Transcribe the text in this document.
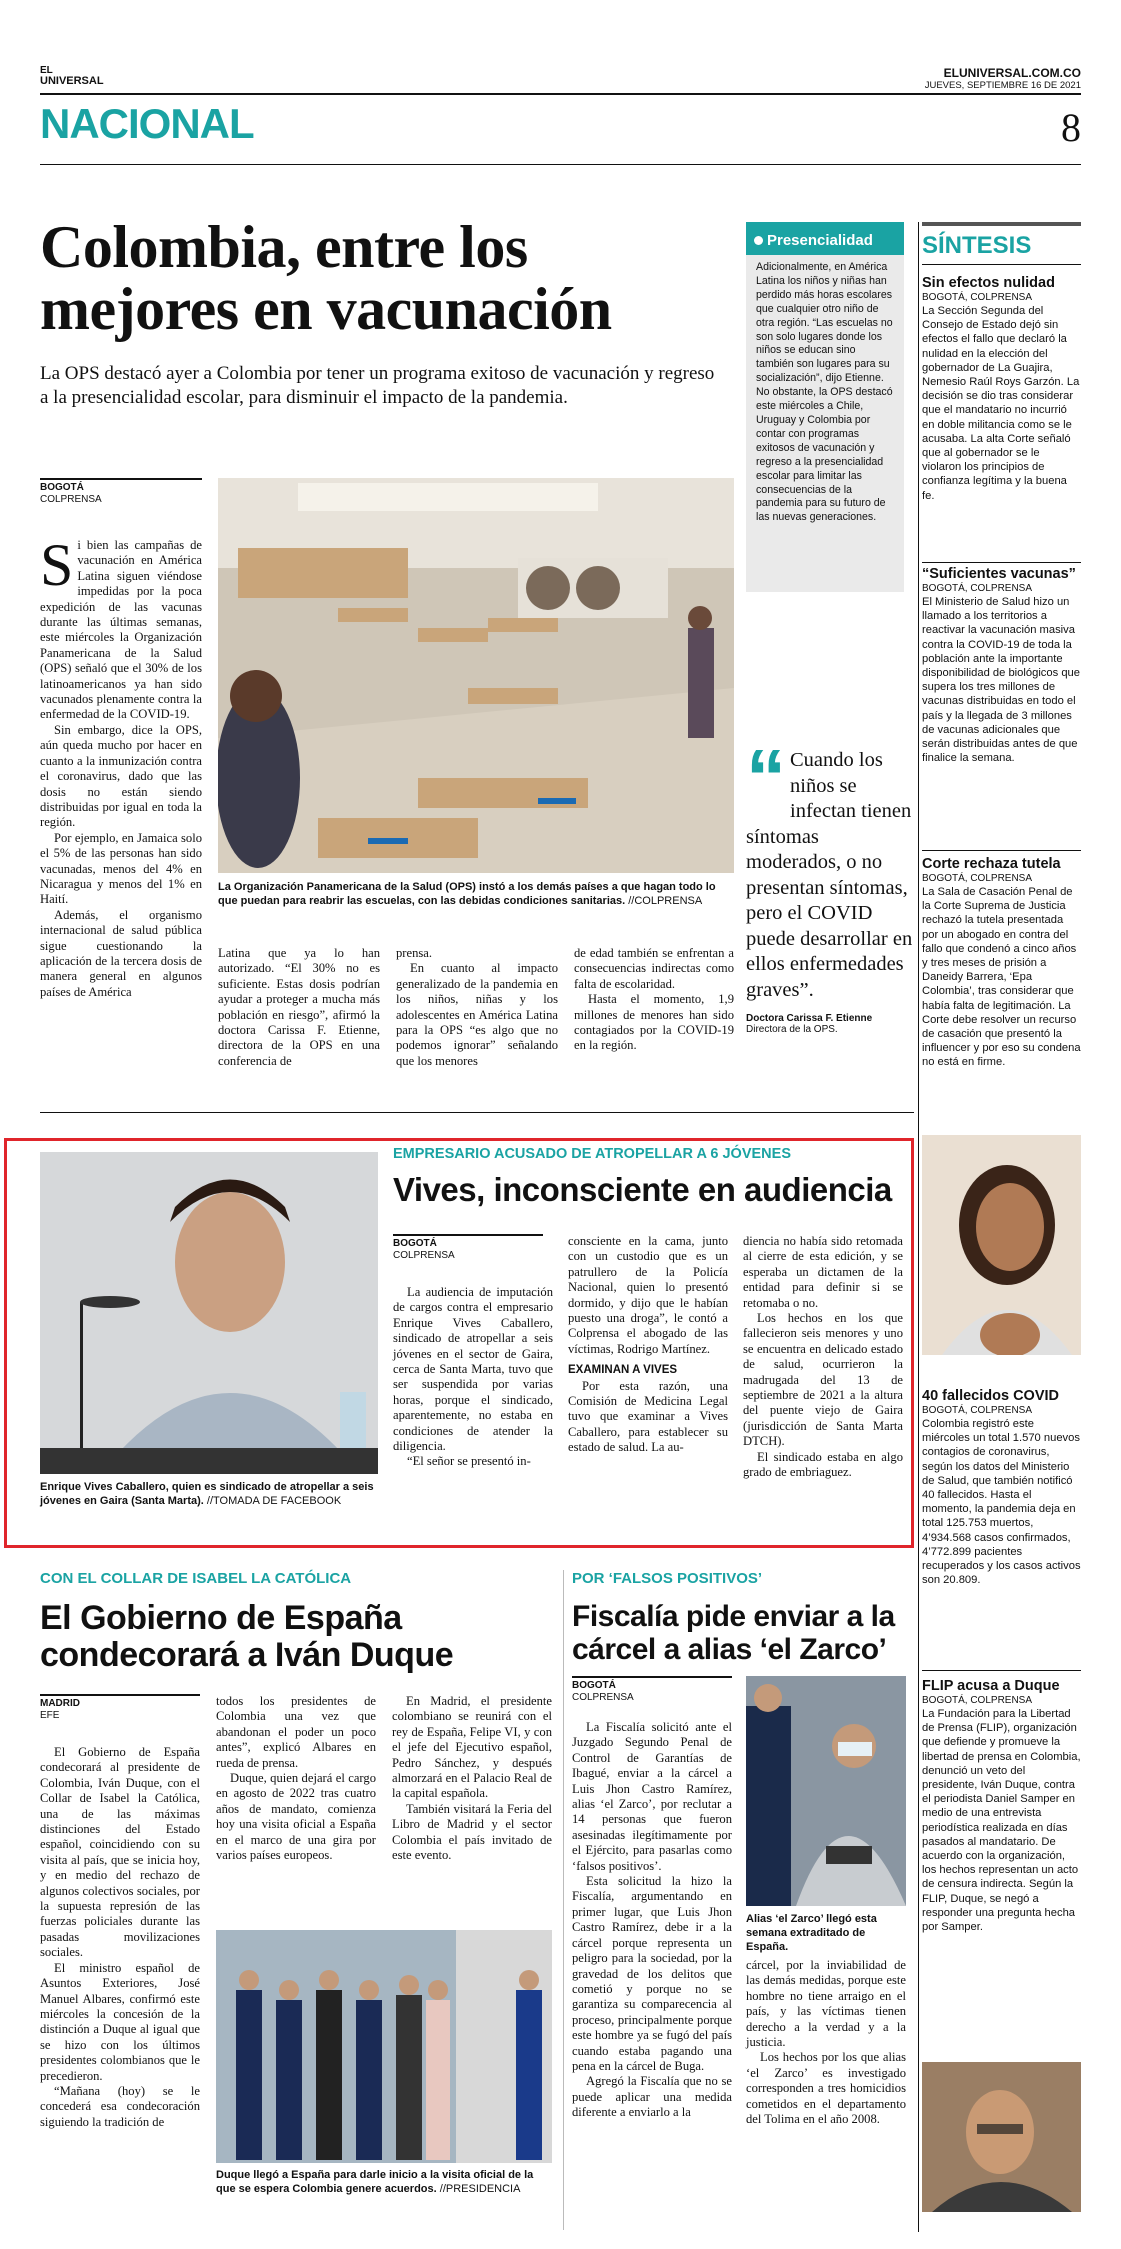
EL
UNIVERSAL
ELUNIVERSAL.COM.CO
JUEVES, SEPTIEMBRE 16 DE 2021
NACIONAL	8
Colombia, entre los mejores en vacunación
La OPS destacó ayer a Colombia por tener un programa exitoso de vacunación y regreso a la presencialidad escolar, para disminuir el impacto de la pandemia.
BOGOTÁ
COLPRENSA
S i bien las campañas de vacunación en América Latina siguen viéndose impedidas por la poca expedición de las vacunas durante las últimas semanas, este miércoles la Organización Panamericana de la Salud (OPS) señaló que el 30% de los latinoamericanos ya han sido vacunados plenamente contra la enfermedad de la COVID-19.

Sin embargo, dice la OPS, aún queda mucho por hacer en cuanto a la inmunización contra el coronavirus, dado que las dosis no están siendo distribuidas por igual en toda la región.

Por ejemplo, en Jamaica solo el 5% de las personas han sido vacunadas, menos del 4% en Nicaragua y menos del 1% en Haití.

Además, el organismo internacional de salud pública sigue cuestionando la aplicación de la tercera dosis de manera general en algunos países de América

La Organización Panamericana de la Salud (OPS) instó a los demás países a que hagan todo lo que puedan para reabrir las escuelas, con las debidas condiciones sanitarias. //COLPRENSA

Latina que ya lo han autorizado. “El 30% no es suficiente. Estas dosis podrían ayudar a proteger a mucha más población en riesgo”, afirmó la doctora Carissa F. Etienne, directora de la OPS en una conferencia de

prensa.

En cuanto al impacto generalizado de la pandemia en los niños, niñas y los adolescentes en América Latina para la OPS “es algo que no podemos ignorar” señalando que los menores

de edad también se enfrentan a consecuencias indirectas como falta de escolaridad.

Hasta el momento, 1,9 millones de menores han sido contagiados por la COVID-19 en la región.

Presencialidad

Adicionalmente, en América Latina los niños y niñas han perdido más horas escolares que cualquier otro niño de otra región. “Las escuelas no son solo lugares donde los niños se educan sino también son lugares para su socialización”, dijo Etienne.

No obstante, la OPS destacó este miércoles a Chile, Uruguay y Colombia por contar con programas exitosos de vacunación y regreso a la presencialidad escolar para limitar las consecuencias de la pandemia para su futuro de las nuevas generaciones.

“ Cuando los niños se infectan tienen síntomas moderados, o no presentan síntomas, pero el COVID puede desarrollar en ellos enfermedades graves”.
Doctora Carissa F. Etienne
Directora de la OPS.
SÍNTESIS
Sin efectos nulidad
BOGOTÁ, COLPRENSA
La Sección Segunda del Consejo de Estado dejó sin efectos el fallo que declaró la nulidad en la elección del gobernador de La Guajira, Nemesio Raúl Roys Garzón. La decisión se dio tras considerar que el mandatario no incurrió en doble militancia como se le acusaba. La alta Corte señaló que al gobernador se le violaron los principios de confianza legítima y la buena fe.
“Suficientes vacunas”
BOGOTÁ, COLPRENSA
El Ministerio de Salud hizo un llamado a los territorios a reactivar la vacunación masiva contra la COVID-19 de toda la población ante la importante disponibilidad de biológicos que supera los tres millones de vacunas distribuidas en todo el país y la llegada de 3 millones de vacunas adicionales que serán distribuidas antes de que finalice la semana.
Corte rechaza tutela
BOGOTÁ, COLPRENSA
La Sala de Casación Penal de la Corte Suprema de Justicia rechazó la tutela presentada por un abogado en contra del fallo que condenó a cinco años y tres meses de prisión a Daneidy Barrera, ‘Epa Colombia’, tras considerar que había falta de legitimación. La Corte debe resolver un recurso de casación que presentó la influencer y por eso su condena no está en firme.
40 fallecidos COVID
BOGOTÁ, COLPRENSA
Colombia registró este miércoles un total 1.570 nuevos contagios de coronavirus, según los datos del Ministerio de Salud, que también notificó 40 fallecidos. Hasta el momento, la pandemia deja en total 125.753 muertos, 4’934.568 casos confirmados, 4’772.899 pacientes recuperados y los casos activos son 20.809.
FLIP acusa a Duque
BOGOTÁ, COLPRENSA
La Fundación para la Libertad de Prensa (FLIP), organización que defiende y promueve la libertad de prensa en Colombia, denunció un veto del presidente, Iván Duque, contra el periodista Daniel Samper en medio de una entrevista periodística realizada en días pasados al mandatario. De acuerdo con la organización, los hechos representan un acto de censura indirecta. Según la FLIP, Duque, se negó a responder una pregunta hecha por Samper.
Enrique Vives Caballero, quien es sindicado de atropellar a seis jóvenes en Gaira (Santa Marta). //TOMADA DE FACEBOOK
EMPRESARIO ACUSADO DE ATROPELLAR A 6 JÓVENES
Vives, inconsciente en audiencia
BOGOTÁ
COLPRENSA

La audiencia de imputación de cargos contra el empresario Enrique Vives Caballero, sindicado de atropellar a seis jóvenes en el sector de Gaira, cerca de Santa Marta, tuvo que ser suspendida por varias horas, porque el sindicado, aparentemente, no estaba en condiciones de atender la diligencia.

“El señor se presentó in-

consciente en la cama, junto con un custodio que es un patrullero de la Policía Nacional, quien lo presentó dormido, y dijo que le habían puesto una droga”, le contó a Colprensa el abogado de las víctimas, Rodrigo Martínez.

EXAMINAN A VIVES

Por esta razón, una Comisión de Medicina Legal tuvo que examinar a Vives Caballero, para establecer su estado de salud. La au-

diencia no había sido retomada al cierre de esta edición, y se esperaba un dictamen de la entidad para definir si se retomaba o no.

Los hechos en los que fallecieron seis menores y uno se encuentra en delicado estado de salud, ocurrieron la madrugada del 13 de septiembre de 2021 a la altura del puente viejo de Gaira (jurisdicción de Santa Marta DTCH).

El sindicado estaba en algo grado de embriaguez.

CON EL COLLAR DE ISABEL LA CATÓLICA
El Gobierno de España condecorará a Iván Duque
MADRID
EFE

El Gobierno de España condecorará al presidente de Colombia, Iván Duque, con el Collar de Isabel la Católica, una de las máximas distinciones del Estado español, coincidiendo con su visita al país, que se inicia hoy, y en medio del rechazo de algunos colectivos sociales, por la supuesta represión de las fuerzas policiales durante las pasadas movilizaciones sociales.

El ministro español de Asuntos Exteriores, José Manuel Albares, confirmó este miércoles la concesión de la distinción a Duque al igual que se hizo con los últimos presidentes colombianos que le precedieron.

“Mañana (hoy) se le concederá esa condecoración siguiendo la tradición de

todos los presidentes de Colombia una vez que abandonan el poder un poco antes”, explicó Albares en rueda de prensa.

Duque, quien dejará el cargo en agosto de 2022 tras cuatro años de mandato, comienza hoy una visita oficial a España en el marco de una gira por varios países europeos.

En Madrid, el presidente colombiano se reunirá con el rey de España, Felipe VI, y con el jefe del Ejecutivo español, Pedro Sánchez, y después almorzará en el Palacio Real de la capital española.

También visitará la Feria del Libro de Madrid y el sector Colombia el país invitado de este evento.

Duque llegó a España para darle inicio a la visita oficial de la que se espera Colombia genere acuerdos. //PRESIDENCIA
POR ‘FALSOS POSITIVOS’
Fiscalía pide enviar a la cárcel a alias ‘el Zarco’
BOGOTÁ
COLPRENSA

La Fiscalía solicitó ante el Juzgado Segundo Penal de Control de Garantías de Ibagué, enviar a la cárcel a Luis Jhon Castro Ramírez, alias ‘el Zarco’, por reclutar a 14 personas que fueron asesinadas ilegítimamente por el Ejército, para pasarlas como ‘falsos positivos’.

Esta solicitud la hizo la Fiscalía, argumentando en primer lugar, que Luis Jhon Castro Ramírez, debe ir a la cárcel porque representa un peligro para la sociedad, por la gravedad de los delitos que cometió y porque no se garantiza su comparecencia al proceso, principalmente porque este hombre ya se fugó del país cuando estaba pagando una pena en la cárcel de Buga.

Agregó la Fiscalía que no se puede aplicar una medida diferente a enviarlo a la

Alias ‘el Zarco’ llegó esta semana extraditado de España.

cárcel, por la inviabilidad de las demás medidas, porque este hombre no tiene arraigo en el país, y las víctimas tienen derecho a la verdad y a la justicia.

Los hechos por los que alias ‘el Zarco’ es investigado corresponden a tres homicidios cometidos en el departamento del Tolima en el año 2008.
